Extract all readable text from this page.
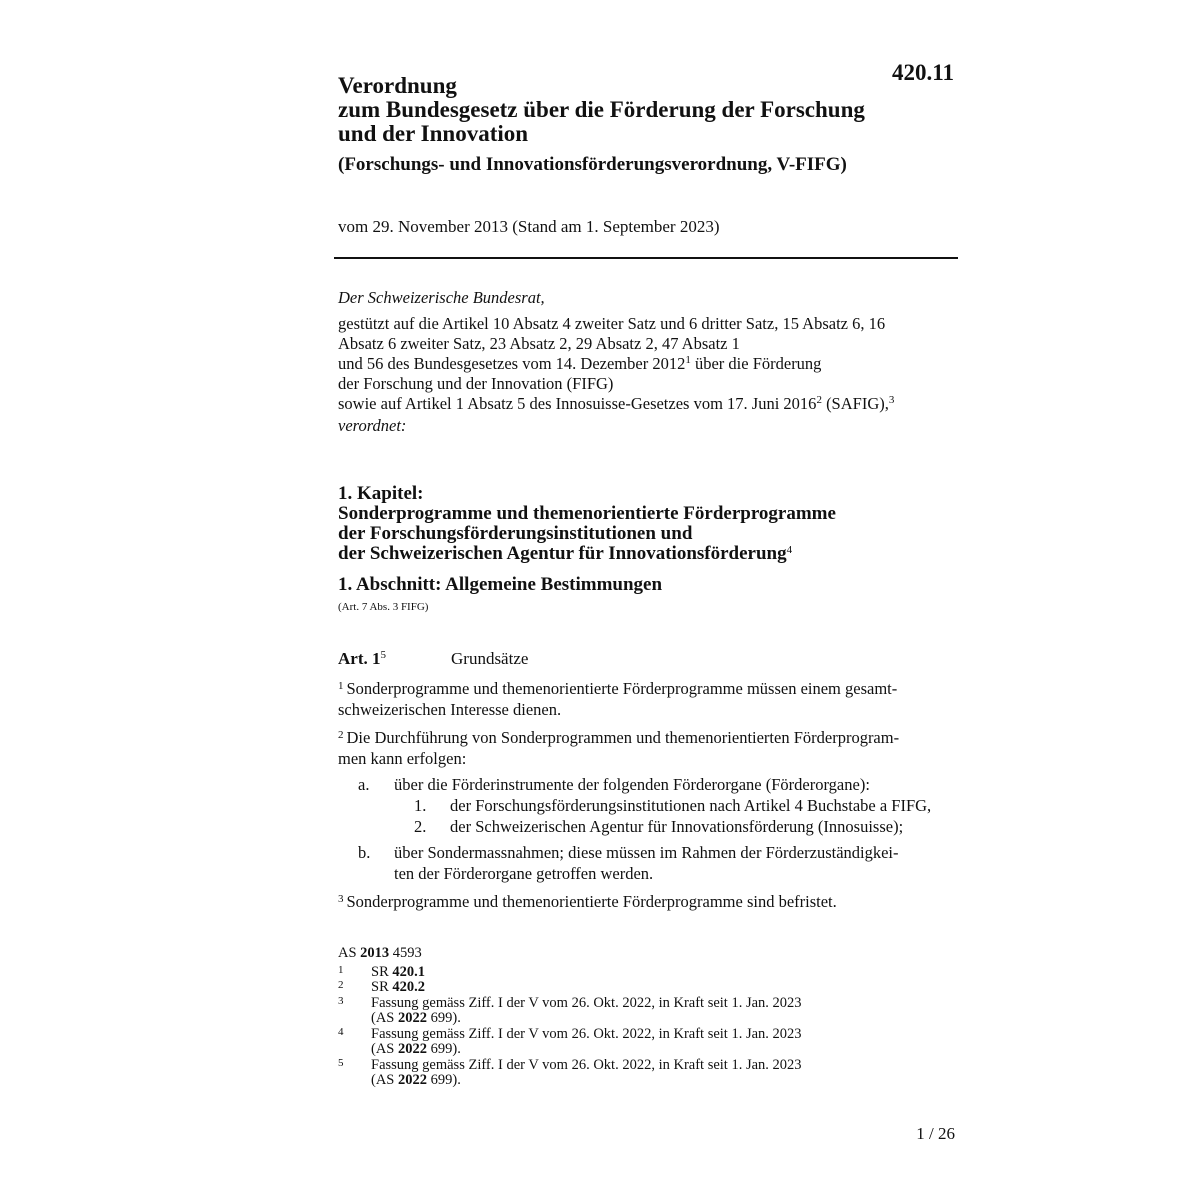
420.11
Verordnung
zum Bundesgesetz über die Förderung der Forschung
und der Innovation
(Forschungs- und Innovationsförderungsverordnung, V-FIFG)
vom 29. November 2013 (Stand am 1. September 2023)
Der Schweizerische Bundesrat,
gestützt auf die Artikel 10 Absatz 4 zweiter Satz und 6 dritter Satz, 15 Absatz 6, 16
Absatz 6 zweiter Satz, 23 Absatz 2, 29 Absatz 2, 47 Absatz 1
und 56 des Bundesgesetzes vom 14. Dezember 2012$^1$ über die Förderung
der Forschung und der Innovation (FIFG)
sowie auf Artikel 1 Absatz 5 des Innosuisse-Gesetzes vom 17. Juni 2016$^2$ (SAFIG),$^3$
verordnet:
1. Kapitel:
Sonderprogramme und themenorientierte Förderprogramme
der Forschungsförderungsinstitutionen und
der Schweizerischen Agentur für Innovationsförderung$^4$
1. Abschnitt: Allgemeine Bestimmungen
(Art. 7 Abs. 3 FIFG)
Art. $1^5$	Grundsätze
$^1$ Sonderprogramme und themenorientierte Förderprogramme müssen einem gesamt-
schweizerischen Interesse dienen.
$^2$ Die Durchführung von Sonderprogrammen und themenorientierten Förderprogram-
men kann erfolgen:
a.	über die Förderinstrumente der folgenden Förderorgane (Förderorgane):
1.	der Forschungsförderungsinstitutionen nach Artikel 4 Buchstabe a FIFG,
2.	der Schweizerischen Agentur für Innovationsförderung (Innosuisse);
b.	über Sondermassnahmen; diese müssen im Rahmen der Förderzuständigkei-
ten der Förderorgane getroffen werden.
$^3$ Sonderprogramme und themenorientierte Förderprogramme sind befristet.
AS 2013 4593
1	SR 420.1
2	SR 420.2
3	Fassung gemäss Ziff. I der V vom 26. Okt. 2022, in Kraft seit 1. Jan. 2023
(AS 2022 699).
4	Fassung gemäss Ziff. I der V vom 26. Okt. 2022, in Kraft seit 1. Jan. 2023
(AS 2022 699).
5	Fassung gemäss Ziff. I der V vom 26. Okt. 2022, in Kraft seit 1. Jan. 2023
(AS 2022 699).
1 / 26
